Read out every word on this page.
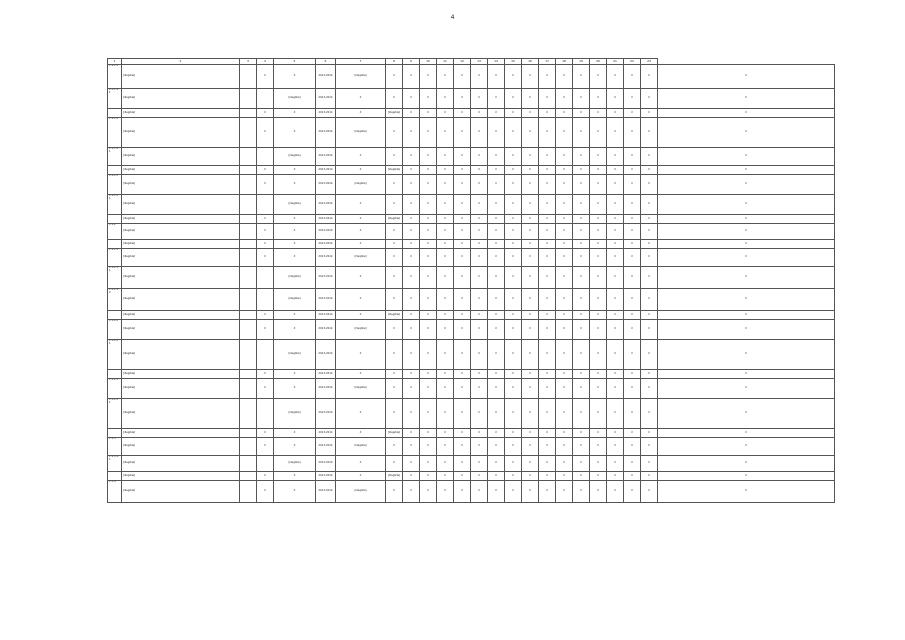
4
1	2	3	4	5	6	7	8	9	10	11	12	13	14	15	16	17	18	19	20	21	22	23	
1.1.1.1	[illegible]		X	X	2013-2014	[illegible]	X	X	X	X	X	X	X	X	X	X	X	X	X	X	X	X	X
1.1.1.1.1	[illegible]			[illegible]	2013-2014	X	X	X	X	X	X	X	X	X	X	X	X	X	X	X	X	X	X
	[illegible]		X	X	2013-2014	X	[illegible]	X	X	X	X	X	X	X	X	X	X	X	X	X	X	X	X
1.1.1.2	[illegible]		X	X	2013-2014	[illegible]	X	X	X	X	X	X	X	X	X	X	X	X	X	X	X	X	X
1.1.1.2.1	[illegible]			[illegible]	2013-2014	X	X	X	X	X	X	X	X	X	X	X	X	X	X	X	X	X	X
	[illegible]		X	X	2013-2014	X	[illegible]	X	X	X	X	X	X	X	X	X	X	X	X	X	X	X	X
1.1.1.3	[illegible]		X	X	2013-2014	[illegible]	X	X	X	X	X	X	X	X	X	X	X	X	X	X	X	X	X
1.1.1.3.1	[illegible]			[illegible]	2013-2014	X	X	X	X	X	X	X	X	X	X	X	X	X	X	X	X	X	X
	[illegible]		X	X	2013-2014	X	[illegible]	X	X	X	X	X	X	X	X	X	X	X	X	X	X	X	X
1.1.2	[illegible]		X	X	2013-2014	X	X	X	X	X	X	X	X	X	X	X	X	X	X	X	X	X	X
	[illegible]		X	X	2013-2014	X	X	X	X	X	X	X	X	X	X	X	X	X	X	X	X	X	X
1.1.2.1	[illegible]		X	X	2013-2014	[illegible]	X	X	X	X	X	X	X	X	X	X	X	X	X	X	X	X	X
1.1.2.1.1	[illegible]			[illegible]	2013-2014	X	X	X	X	X	X	X	X	X	X	X	X	X	X	X	X	X	X
1.1.2.1.2	[illegible]			[illegible]	2013-2014	X	X	X	X	X	X	X	X	X	X	X	X	X	X	X	X	X	X
	[illegible]		X	X	2013-2014	X	[illegible]	X	X	X	X	X	X	X	X	X	X	X	X	X	X	X	X
1.1.2.2	[illegible]		X	X	2013-2014	[illegible]	X	X	X	X	X	X	X	X	X	X	X	X	X	X	X	X	X
1.1.2.2.1	[illegible]			[illegible]	2013-2014	X	X	X	X	X	X	X	X	X	X	X	X	X	X	X	X	X	X
	[illegible]		X	X	2013-2014	X	X	X	X	X	X	X	X	X	X	X	X	X	X	X	X	X	X
1.1.2.3	[illegible]		X	X	2013-2014	[illegible]	X	X	X	X	X	X	X	X	X	X	X	X	X	X	X	X	X
1.1.2.3.1	[illegible]			[illegible]	2013-2014	X	X	X	X	X	X	X	X	X	X	X	X	X	X	X	X	X	X
	[illegible]		X	X	2013-2014	X	[illegible]	X	X	X	X	X	X	X	X	X	X	X	X	X	X	X	X
1.1.3	[illegible]		X	X	2013-2014	[illegible]	X	X	X	X	X	X	X	X	X	X	X	X	X	X	X	X	X
1.1.3.1.1	[illegible]			[illegible]	2013-2014	X	X	X	X	X	X	X	X	X	X	X	X	X	X	X	X	X	X
	[illegible]		X	X	2013-2014	X	[illegible]	X	X	X	X	X	X	X	X	X	X	X	X	X	X	X	X
1.1.4	[illegible]		X	X	2013-2014	[illegible]	X	X	X	X	X	X	X	X	X	X	X	X	X	X	X	X	X
